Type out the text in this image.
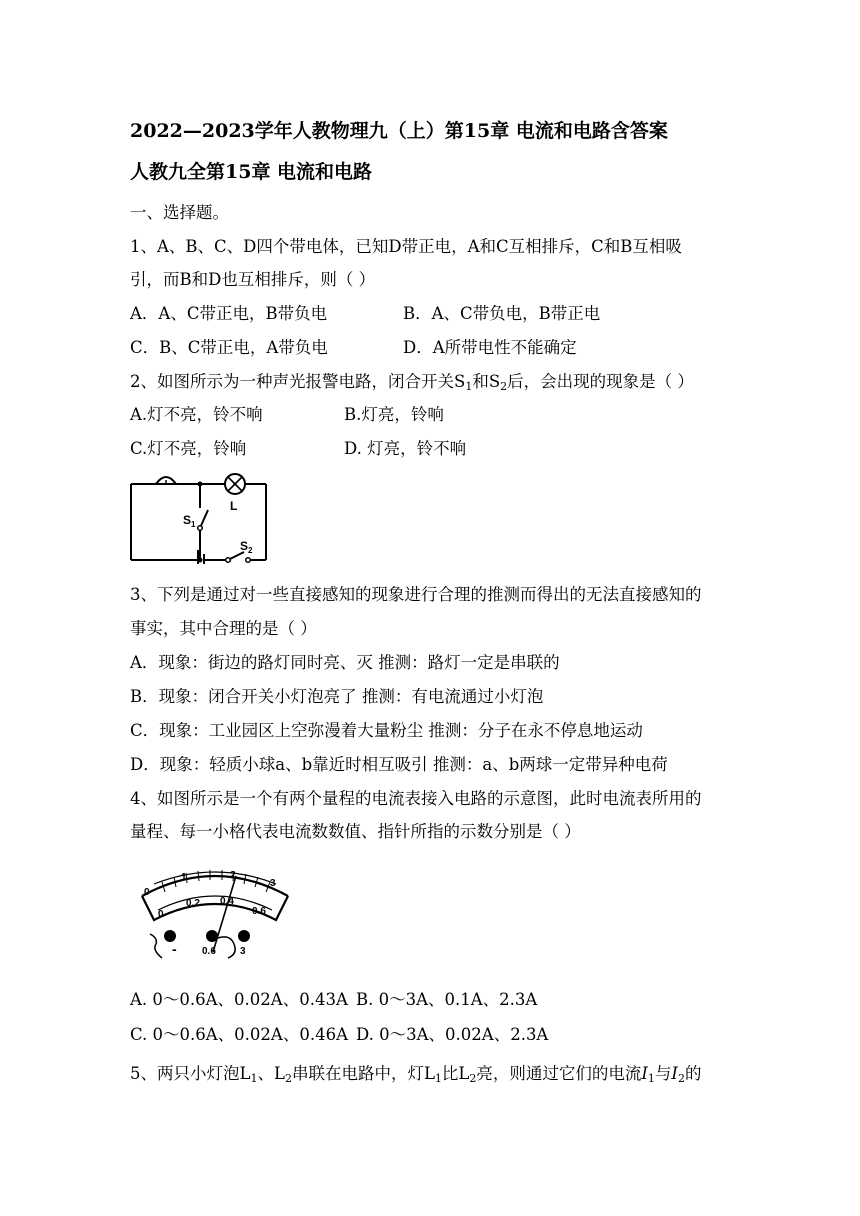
2022—2023学年人教物理九（上）第15章 电流和电路含答案
人教九全第15章 电流和电路
一、选择题。
1、A、B、C、D四个带电体，已知D带正电，A和C互相排斥，C和B互相吸
引，而B和D也互相排斥，则（ ）
A．A、C带正电，B带负电	B．A、C带负电，B带正电
C．B、C带正电，A带负电	D．A所带电性不能确定
2、如图所示为一种声光报警电路，闭合开关$S_1$和$S_2$后，会出现的现象是（ ）
A.灯不亮，铃不响	B.灯亮，铃响
C.灯不亮，铃响	D. 灯亮，铃不响
$S_1$
L
$S_2$
3、下列是通过对一些直接感知的现象进行合理的推测而得出的无法直接感知的
事实，其中合理的是（ ）
A．现象：街边的路灯同时亮、灭 推测：路灯一定是串联的
B．现象：闭合开关小灯泡亮了 推测：有电流通过小灯泡
C．现象：工业园区上空弥漫着大量粉尘 推测：分子在永不停息地运动
D．现象：轻质小球a、b靠近时相互吸引 推测：a、b两球一定带异种电荷
4、如图所示是一个有两个量程的电流表接入电路的示意图，此时电流表所用的
量程、每一小格代表电流数数值、指针所指的示数分别是（ ）
0
1	2
3
0
0.2 0.4
0.6
-	0.6 3
A. 0～0.6A、0.02A、0.43A B. 0～3A、0.1A、2.3A
C. 0～0.6A、0.02A、0.46A D. 0～3A、0.02A、2.3A
5、两只小灯泡$L_1$、$L_2$串联在电路中，灯$L_1$比$L_2$亮，则通过它们的电流$I_1$与$I_2$的
